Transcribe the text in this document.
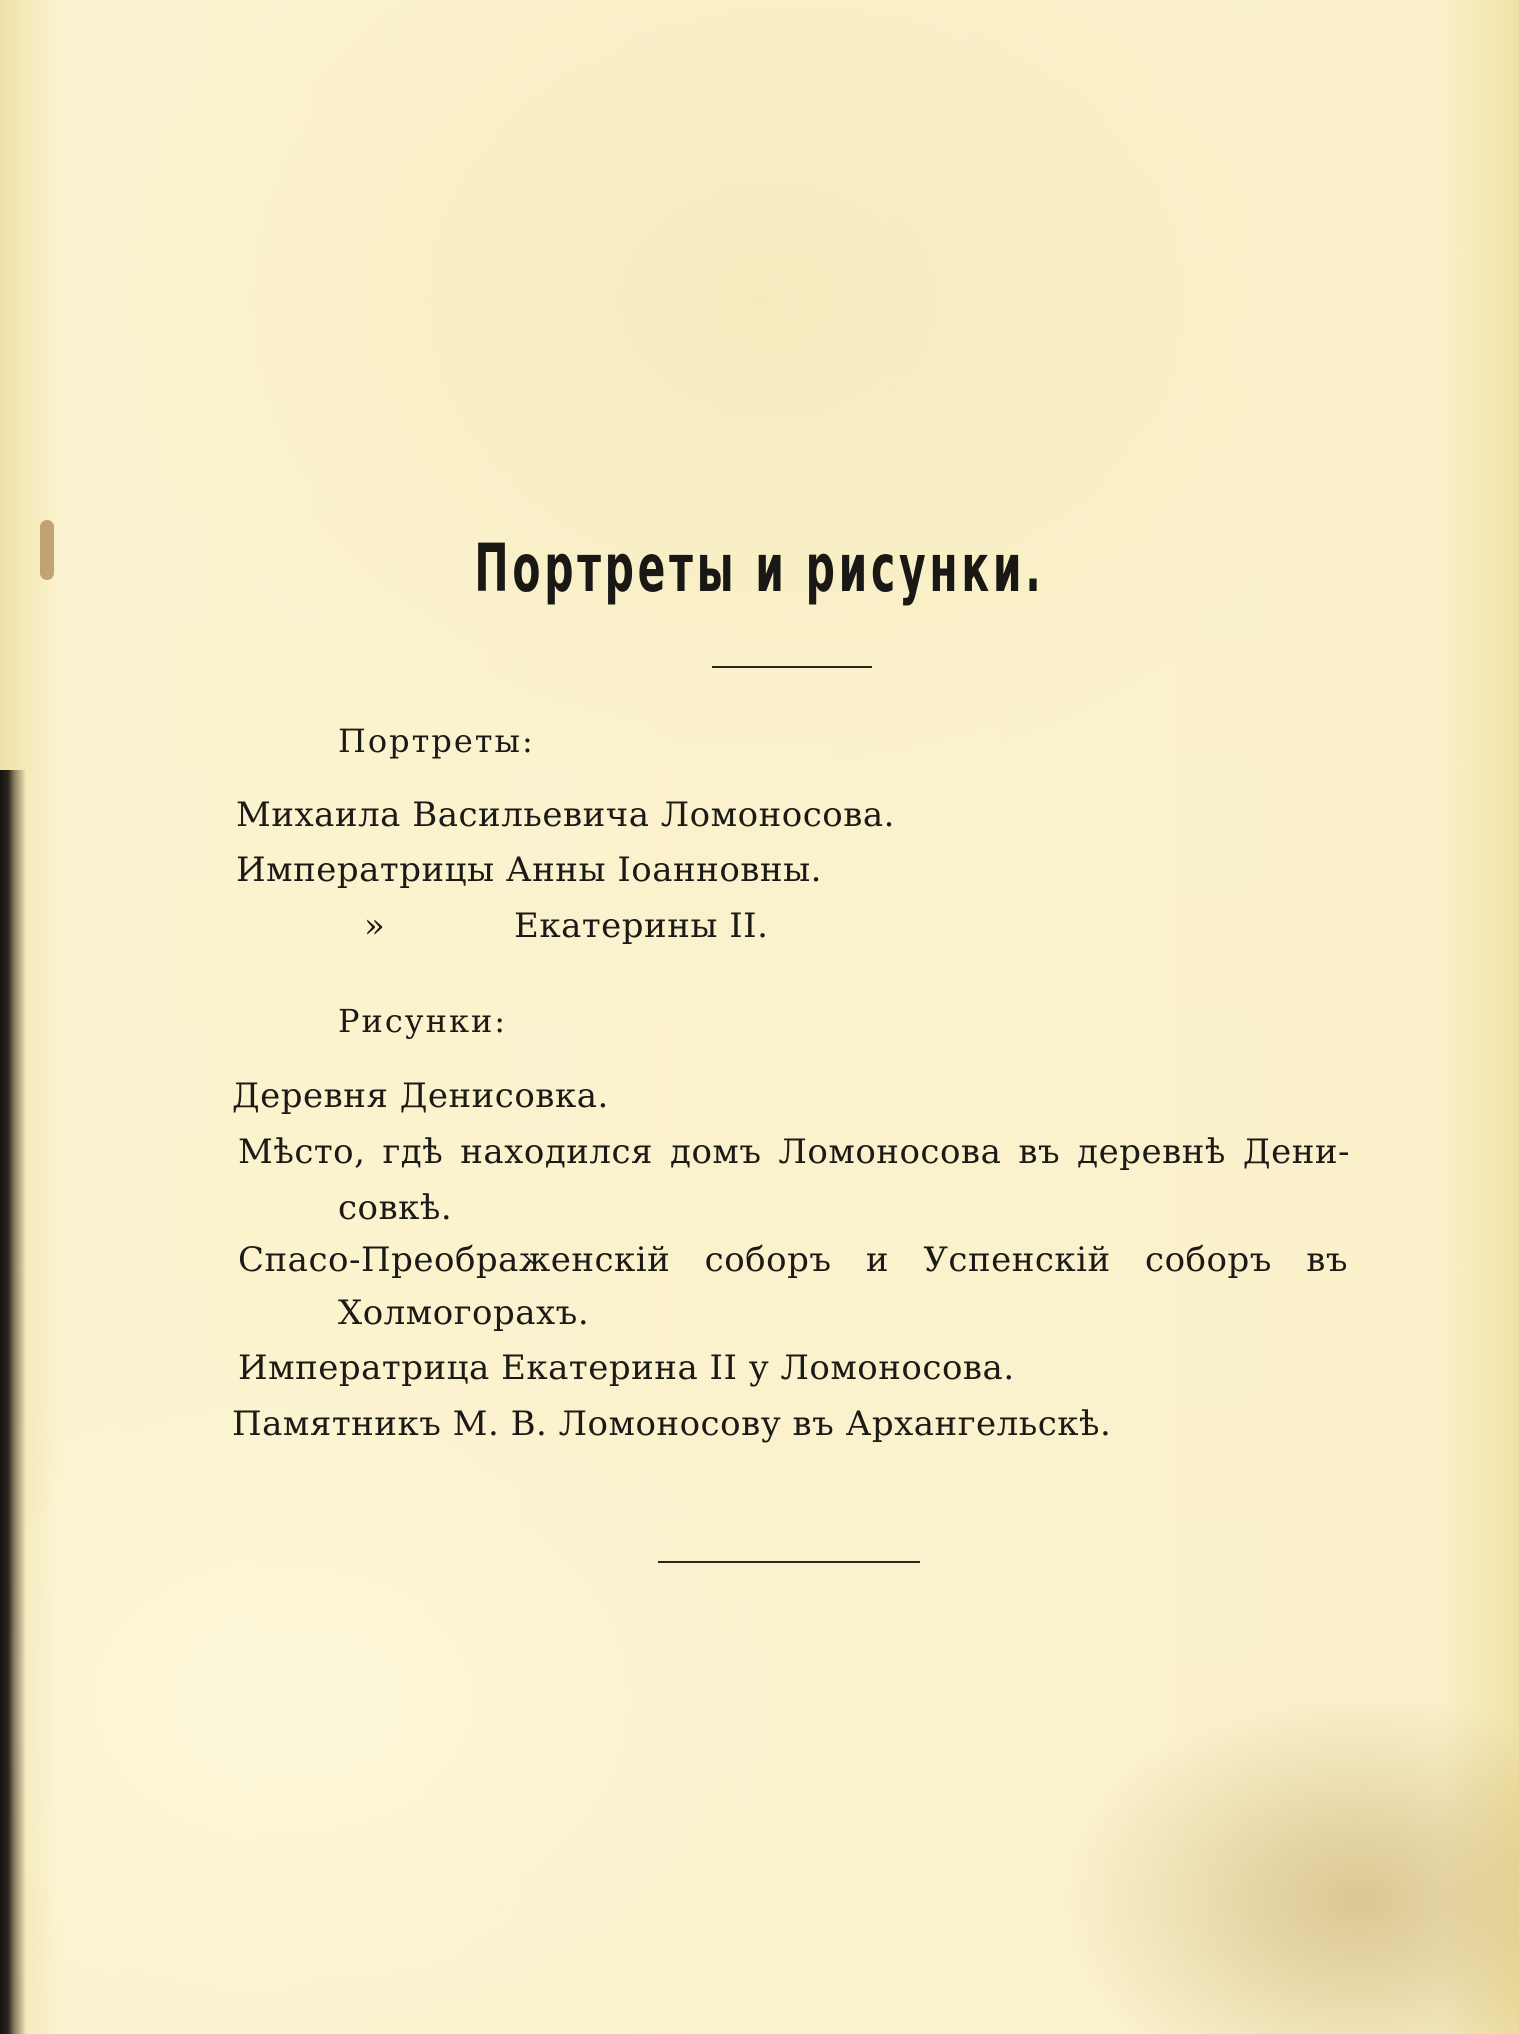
Портреты и рисунки.
Портреты:
Михаила Васильевича Ломоносова.
Императрицы Анны Іоанновны.
»	Екатерины II.
Рисунки:
Деревня Денисовка.
Мѣсто, гдѣ находился домъ Ломоносова въ деревнѣ Дени-
совкѣ.
Спасо-Преображенскій соборъ и Успенскій соборъ въ
Холмогорахъ.
Императрица Екатерина II у Ломоносова.
Памятникъ М. В. Ломоносову въ Архангельскѣ.
